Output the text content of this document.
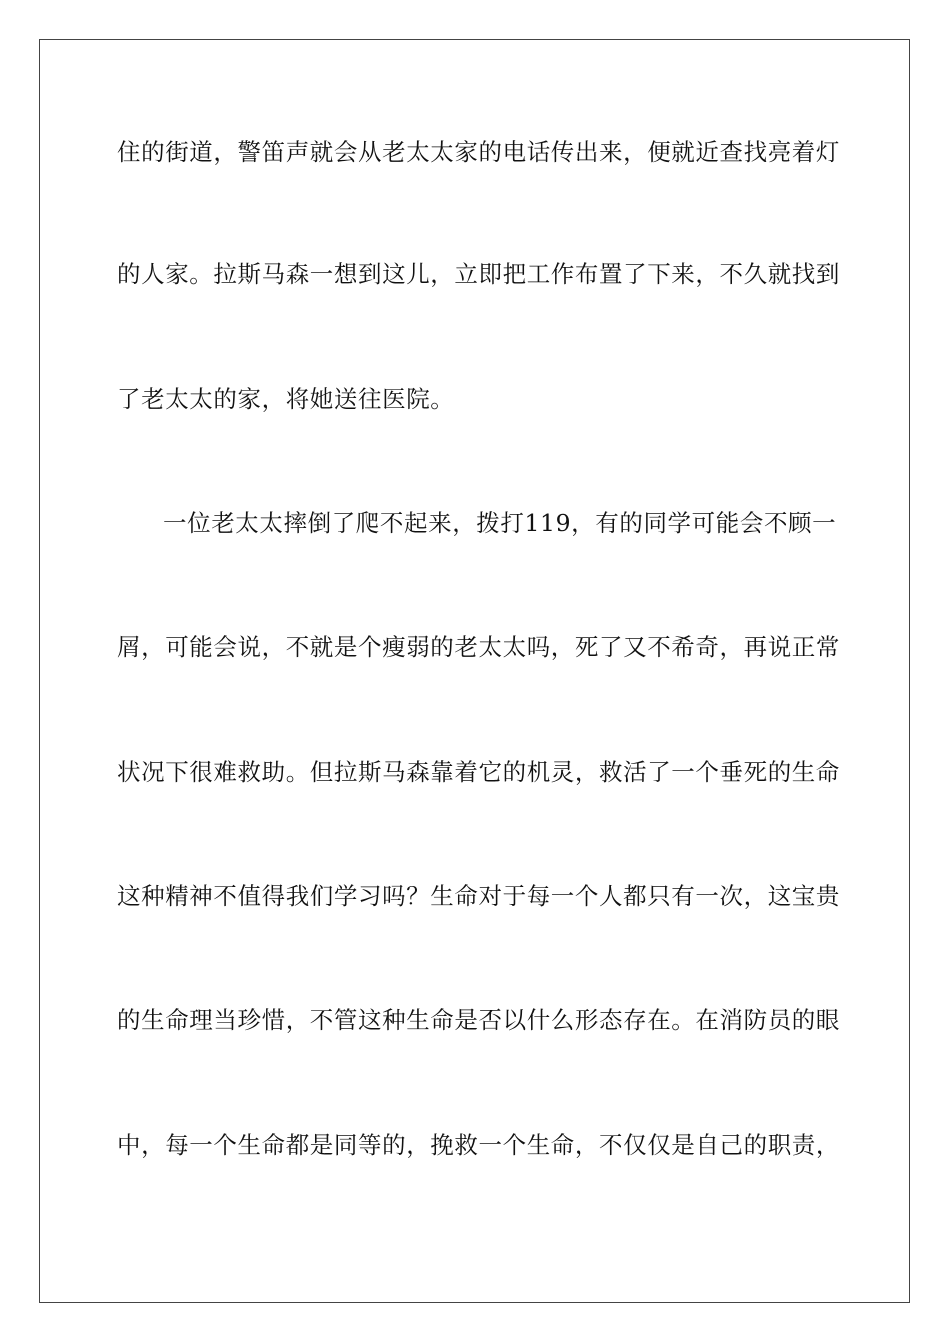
住的街道，警笛声就会从老太太家的电话传出来，便就近查找亮着灯
的人家。拉斯马森一想到这儿，立即把工作布置了下来，不久就找到
了老太太的家，将她送往医院。
一位老太太摔倒了爬不起来，拨打119，有的同学可能会不顾一
屑，可能会说，不就是个瘦弱的老太太吗，死了又不希奇，再说正常
状况下很难救助。但拉斯马森靠着它的机灵，救活了一个垂死的生命
这种精神不值得我们学习吗？生命对于每一个人都只有一次，这宝贵
的生命理当珍惜，不管这种生命是否以什么形态存在。在消防员的眼
中，每一个生命都是同等的，挽救一个生命，不仅仅是自己的职责，
